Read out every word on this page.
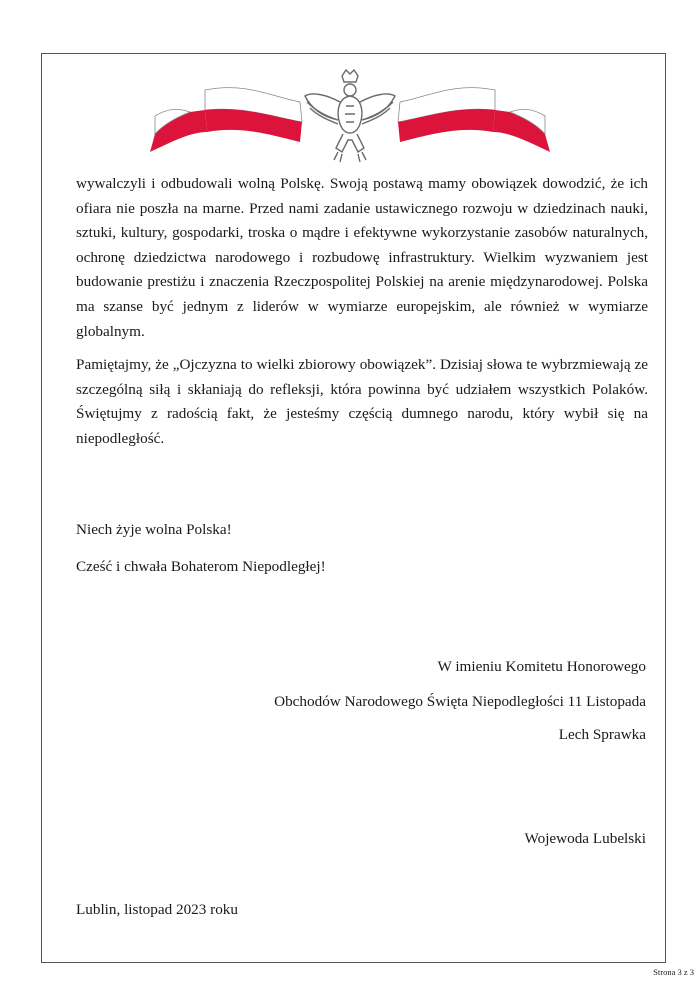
wywalczyli i odbudowali wolną Polskę. Swoją postawą mamy obowiązek dowodzić, że ich ofiara nie poszła na marne. Przed nami zadanie ustawicznego rozwoju w dziedzinach nauki, sztuki, kultury, gospodarki, troska o mądre i efektywne wykorzystanie zasobów naturalnych, ochronę dziedzictwa narodowego i rozbudowę infrastruktury. Wielkim wyzwaniem jest budowanie prestiżu i znaczenia Rzeczpospolitej Polskiej na arenie międzynarodowej. Polska ma szanse być jednym z liderów w wymiarze europejskim, ale również w wymiarze globalnym.

Pamiętajmy, że „Ojczyzna to wielki zbiorowy obowiązek”. Dzisiaj słowa te wybrzmiewają ze szczególną siłą i skłaniają do refleksji, która powinna być udziałem wszystkich Polaków. Świętujmy z radością fakt, że jesteśmy częścią dumnego narodu, który wybił się na niepodległość.

Niech żyje wolna Polska!
Cześć i chwała Bohaterom Niepodległej!
W imieniu Komitetu Honorowego
Obchodów Narodowego Święta Niepodległości 11 Listopada
Lech Sprawka
Wojewoda Lubelski
Lublin, listopad 2023 roku
Strona 3 z 3
